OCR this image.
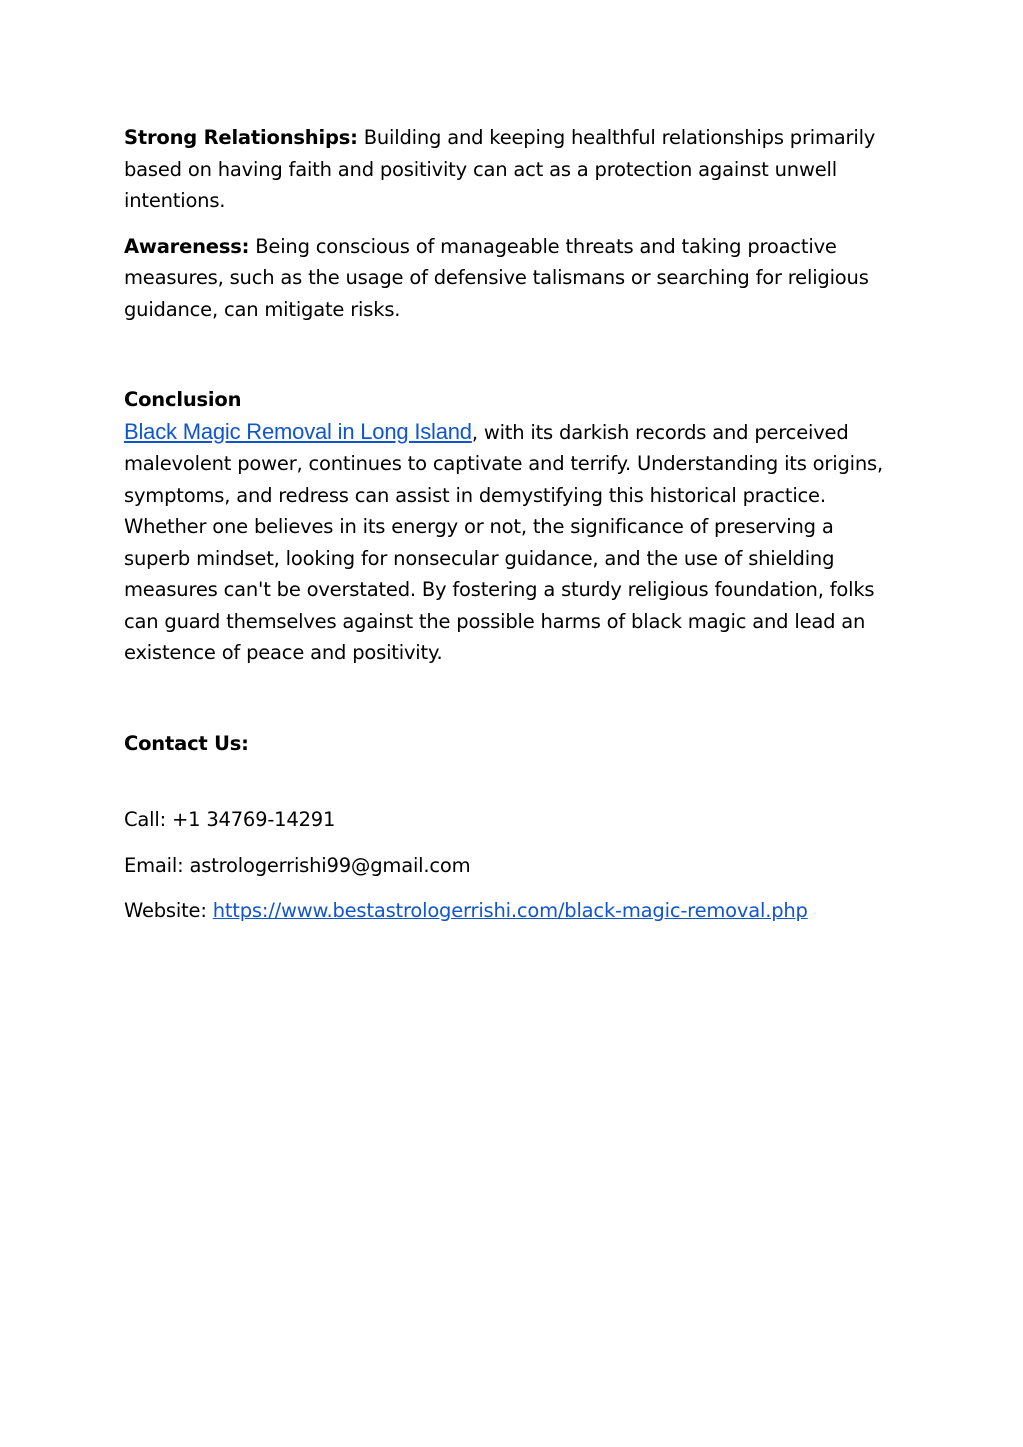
Strong Relationships: Building and keeping healthful relationships primarily based on having faith and positivity can act as a protection against unwell intentions.

Awareness: Being conscious of manageable threats and taking proactive measures, such as the usage of defensive talismans or searching for religious guidance, can mitigate risks.

Conclusion

Black Magic Removal in Long Island, with its darkish records and perceived malevolent power, continues to captivate and terrify. Understanding its origins, symptoms, and redress can assist in demystifying this historical practice. Whether one believes in its energy or not, the significance of preserving a superb mindset, looking for nonsecular guidance, and the use of shielding measures can't be overstated. By fostering a sturdy religious foundation, folks can guard themselves against the possible harms of black magic and lead an existence of peace and positivity.

Contact Us:

Call: +1 34769-14291

Email: astrologerrishi99@gmail.com

Website: https://www.bestastrologerrishi.com/black-magic-removal.php
